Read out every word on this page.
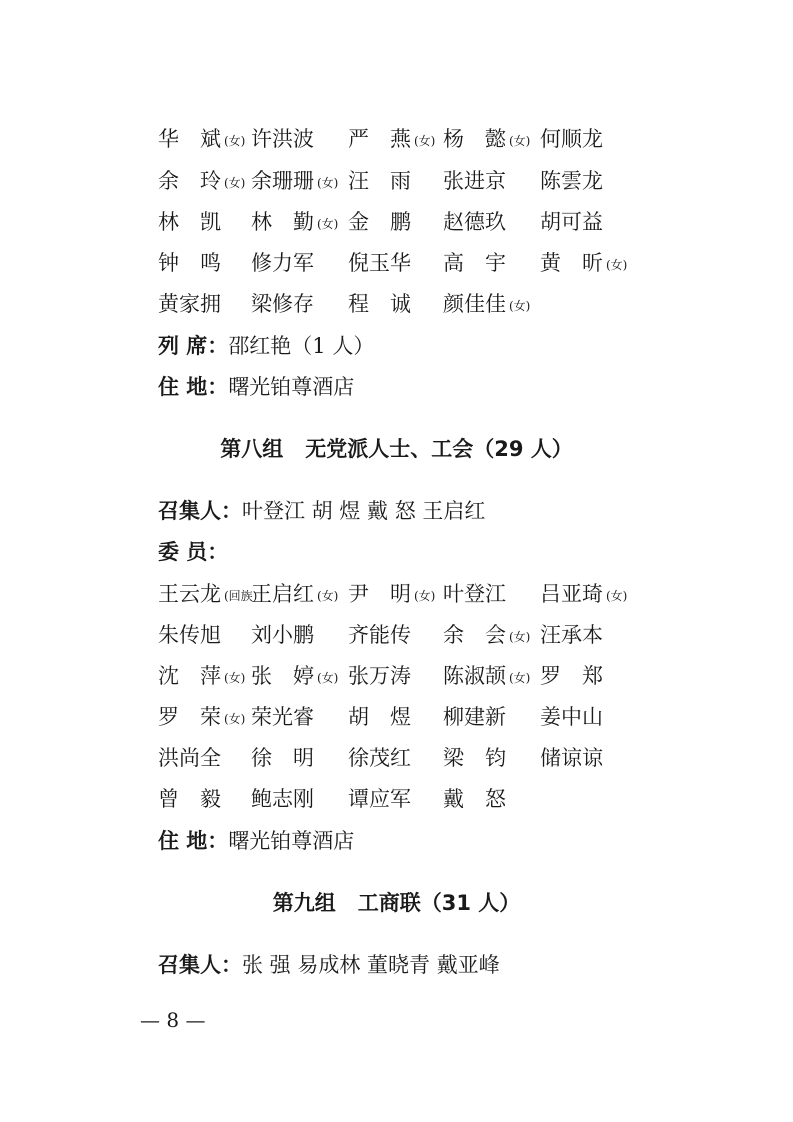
华　斌 (女) 许洪波 严　燕 (女) 杨　懿 (女) 何顺龙
余　玲 (女) 余珊珊 (女) 汪　雨 张进京 陈雲龙
林　凯 林　勤 (女) 金　鹏 赵德玖 胡可益
钟　鸣 修力军 倪玉华 高　宇 黄　昕 (女)
黄家拥 梁修存 程　诚 颜佳佳 (女)
列 席：邵红艳（1 人）
住 地：曙光铂尊酒店
第八组 无党派人士、工会（29 人）
召集人：叶登江 胡 煜 戴 怒 王启红
委 员：
王云龙 (回族)
王启红 (女) 尹　明 (女) 叶登江 吕亚琦 (女)
朱传旭 刘小鹏 齐能传 余　会 (女) 汪承本
沈　萍 (女) 张　婷 (女) 张万涛 陈淑颉 (女) 罗　郑
罗　荣 (女) 荣光睿 胡　煜 柳建新 姜中山
洪尚全 徐　明 徐茂红 梁　钧 储谅谅
曾　毅 鲍志刚 谭应军 戴　怒
住 地：曙光铂尊酒店
第九组 工商联（31 人）
召集人：张 强 易成林 董晓青 戴亚峰
— 8 —
